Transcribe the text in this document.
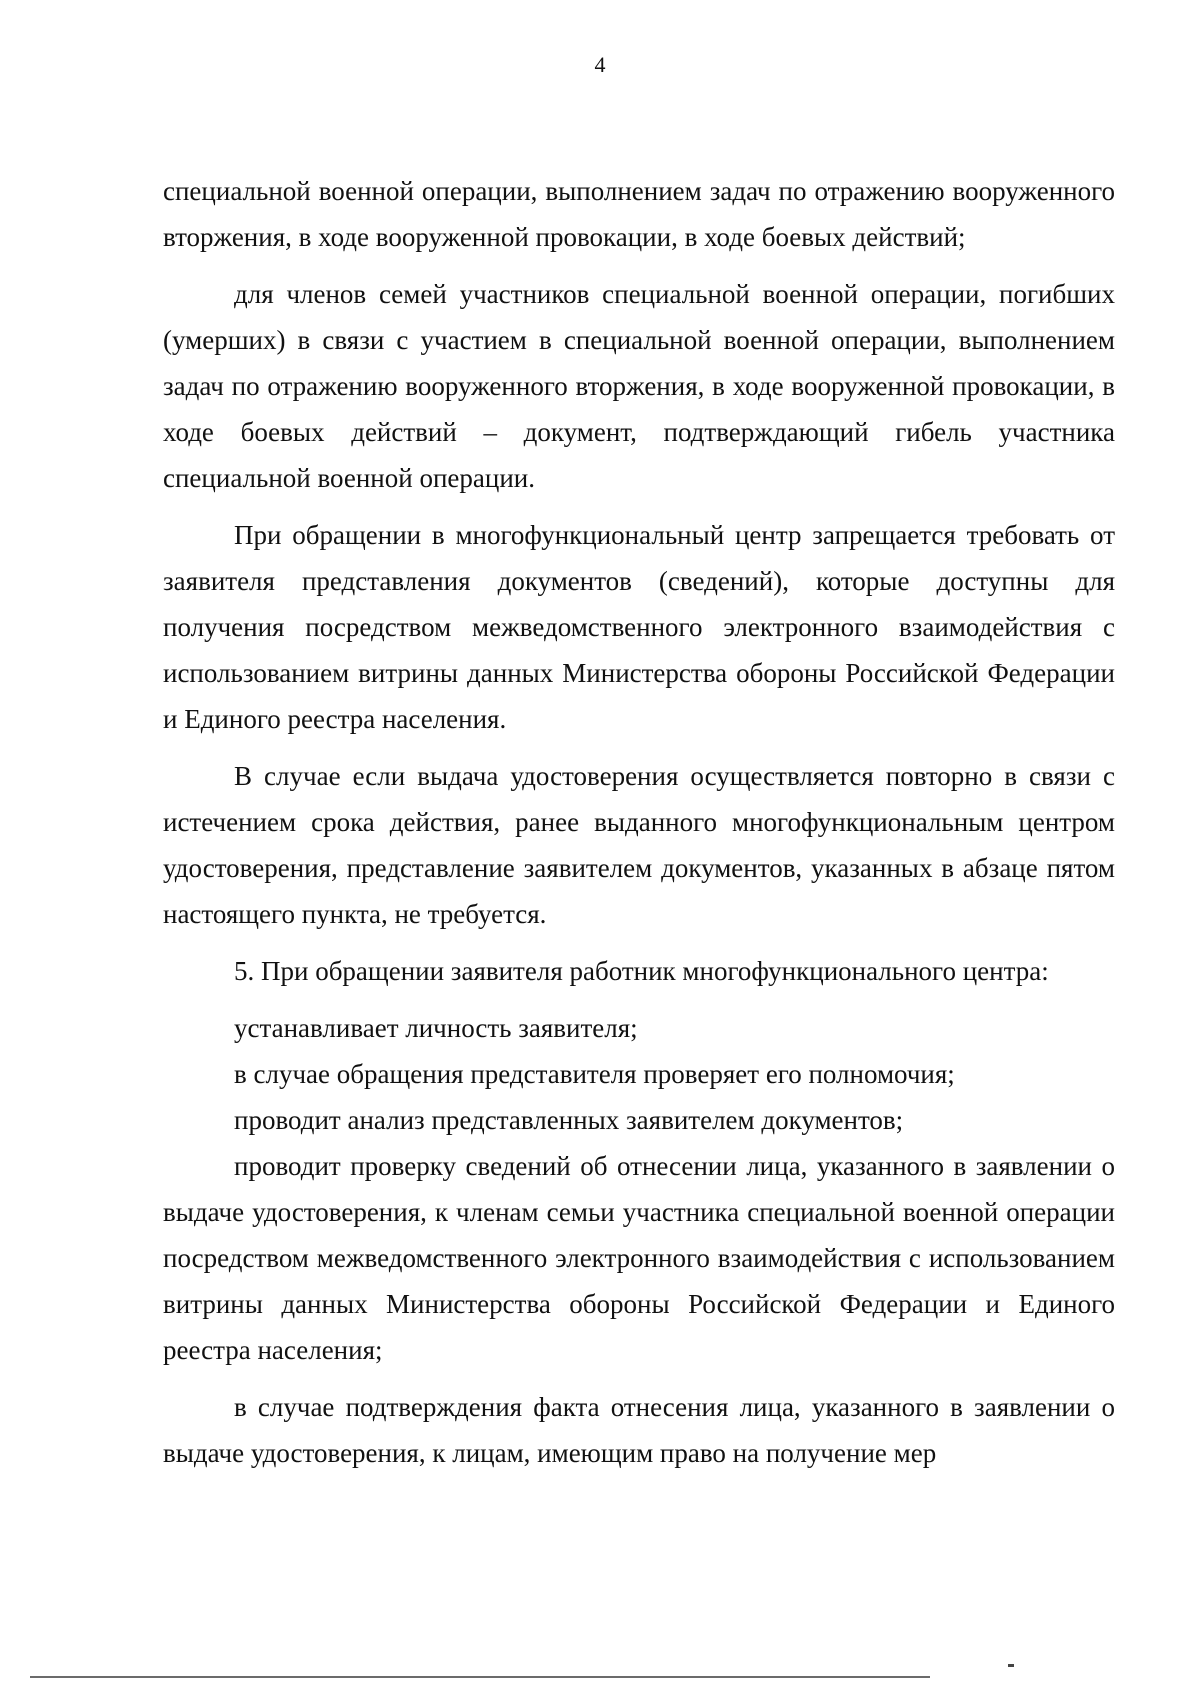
4

специальной военной операции, выполнением задач по отражению вооруженного вторжения, в ходе вооруженной провокации, в ходе боевых действий;

для членов семей участников специальной военной операции, погибших (умерших) в связи с участием в специальной военной операции, выполнением задач по отражению вооруженного вторжения, в ходе вооруженной провокации, в ходе боевых действий – документ, подтверждающий гибель участника специальной военной операции.

При обращении в многофункциональный центр запрещается требовать от заявителя представления документов (сведений), которые доступны для получения посредством межведомственного электронного взаимодействия с использованием витрины данных Министерства обороны Российской Федерации и Единого реестра населения.

В случае если выдача удостоверения осуществляется повторно в связи с истечением срока действия, ранее выданного многофункциональным центром удостоверения, представление заявителем документов, указанных в абзаце пятом настоящего пункта, не требуется.

5. При обращении заявителя работник многофункционального центра:

устанавливает личность заявителя;

в случае обращения представителя проверяет его полномочия;

проводит анализ представленных заявителем документов;

проводит проверку сведений об отнесении лица, указанного в заявлении о выдаче удостоверения, к членам семьи участника специальной военной операции посредством межведомственного электронного взаимодействия с использованием витрины данных Министерства обороны Российской Федерации и Единого реестра населения;

в случае подтверждения факта отнесения лица, указанного в заявлении о выдаче удостоверения, к лицам, имеющим право на получение мер
